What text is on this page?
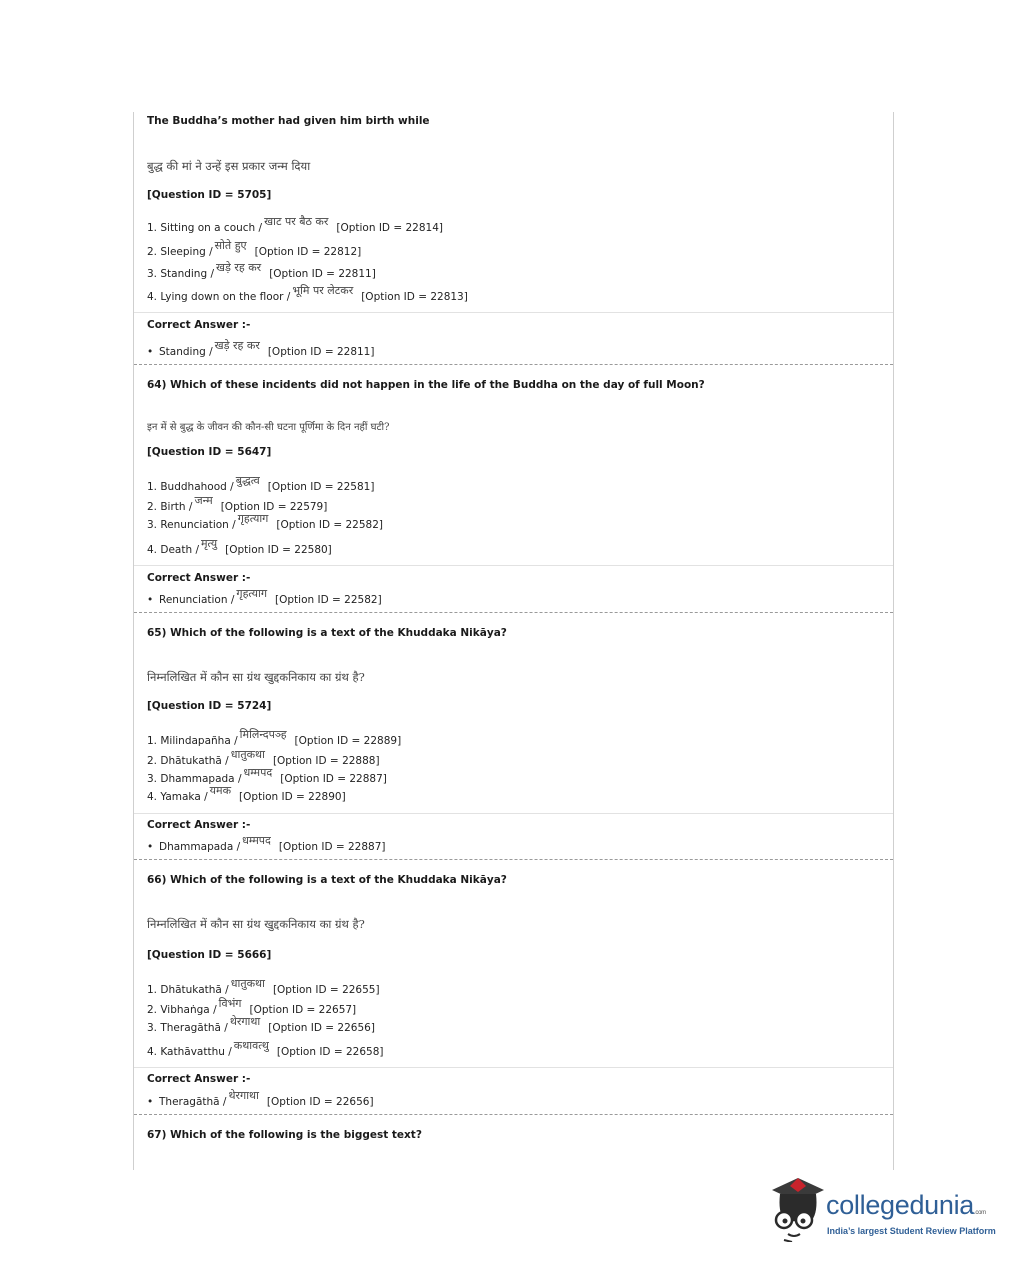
The Buddha’s mother had given him birth while
बुद्ध की मां ने उन्हें इस प्रकार जन्म दिया
[Question ID = 5705]
1. Sitting on a couch / खाट पर बैठ कर [Option ID = 22814]
2. Sleeping / सोते हुए [Option ID = 22812]
3. Standing / खड़े रह कर [Option ID = 22811]
4. Lying down on the floor / भूमि पर लेटकर [Option ID = 22813]
Correct Answer :-
• Standing / खड़े रह कर [Option ID = 22811]
64) Which of these incidents did not happen in the life of the Buddha on the day of full Moon?
इन में से बुद्ध के जीवन की कौन-सी घटना पूर्णिमा के दिन नहीं घटी?
[Question ID = 5647]
1. Buddhahood / बुद्धत्व [Option ID = 22581]
2. Birth / जन्म [Option ID = 22579]
3. Renunciation / गृहत्याग [Option ID = 22582]
4. Death / मृत्यु [Option ID = 22580]
Correct Answer :-
• Renunciation / गृहत्याग [Option ID = 22582]
65) Which of the following is a text of the Khuddaka Nikāya?
निम्नलिखित में कौन सा ग्रंथ खुद्दकनिकाय का ग्रंथ है?
[Question ID = 5724]
1. Milindapañha / मिलिन्दपञ्ह [Option ID = 22889]
2. Dhātukathā / धातुकथा [Option ID = 22888]
3. Dhammapada / धम्मपद [Option ID = 22887]
4. Yamaka / यमक [Option ID = 22890]
Correct Answer :-
• Dhammapada / धम्मपद [Option ID = 22887]
66) Which of the following is a text of the Khuddaka Nikāya?
निम्नलिखित में कौन सा ग्रंथ खुद्दकनिकाय का ग्रंथ है?
[Question ID = 5666]
1. Dhātukathā / धातुकथा [Option ID = 22655]
2. Vibhaṅga / विभंग [Option ID = 22657]
3. Theragāthā / थेरगाथा [Option ID = 22656]
4. Kathāvatthu / कथावत्थु [Option ID = 22658]
Correct Answer :-
• Theragāthā / थेरगाथा [Option ID = 22656]
67) Which of the following is the biggest text?
collegedunia.com
India’s largest Student Review Platform
